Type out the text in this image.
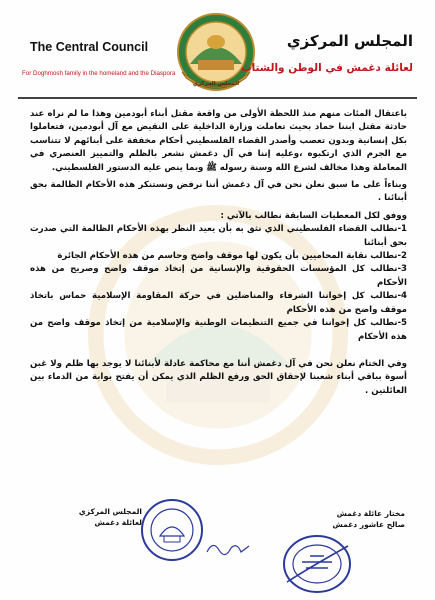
The Central Council
For Doghmosh family in the homeland and the Diaspora
المجلس المركزي
المجلس المركزي
لعائلة دغمش في الوطن والشتات

باعتقال المئات منهم منذ اللحظة الأولى من واقعة مقتل أبناء أبودمين وهذا ما لم نراه عند حادثة مقتل ابننا حماد بحيث تعاملت وزارة الداخلية على النقيض مع آل أبودمين، فتعاملوا بكل إنسانية وبدون تعصب وأصدر القضاء الفلسطيني أحكام مخففة على أبنائهم لا تتناسب مع الجرم الذي ارتكبوه ،وعليه إننا في آل دغمش نشعر بالظلم والتمييز العنصري في المعاملة وهذا مخالف لشرع الله وسنة رسوله ﷺ وبما ينص عليه الدستور الفلسطيني.

وبناءاً على ما سبق نعلن نحن في آل دغمش أننا نرفض ونستنكر هذه الأحكام الظالمة بحق أبنائنا .

ووفق لكل المعطيات السابقة نطالب بالآتي :

1-نطالب القضاء الفلسطيني الذي نثق به بأن يعيد النظر بهذه الأحكام الظالمة التي صدرت بحق أبنائنا
2-نطالب نقابة المحاميين بأن يكون لها موقف واضح وحاسم من هذه الأحكام الجائرة
3-نطالب كل المؤسسات الحقوقية والإنسانية من إتخاذ موقف واضح وصريح من هذه الأحكام
4-نطالب كل إخواننا الشرفاء والمناضلين في حركة المقاومة الإسلامية حماس باتخاذ موقف واضح من هذه الأحكام
5-نطالب كل إخواننا في جميع التنظيمات الوطنية والإسلامية من إتخاذ موقف واضح من هذه الأحكام

وفي الختام نعلن نحن في آل دغمش أننا مع محاكمة عادلة لأبنائنا لا يوجد بها ظلم ولا غبن أسوة بباقي أبناء شعبنا لإحقاق الحق ورفع الظلم الذي يمكن أن يفتح بوابة من الدماء بين العائلتين .

مختار عائلة دغمش
صالح عاشور دغمش
المجلس المركزي
لعائلة دغمش
